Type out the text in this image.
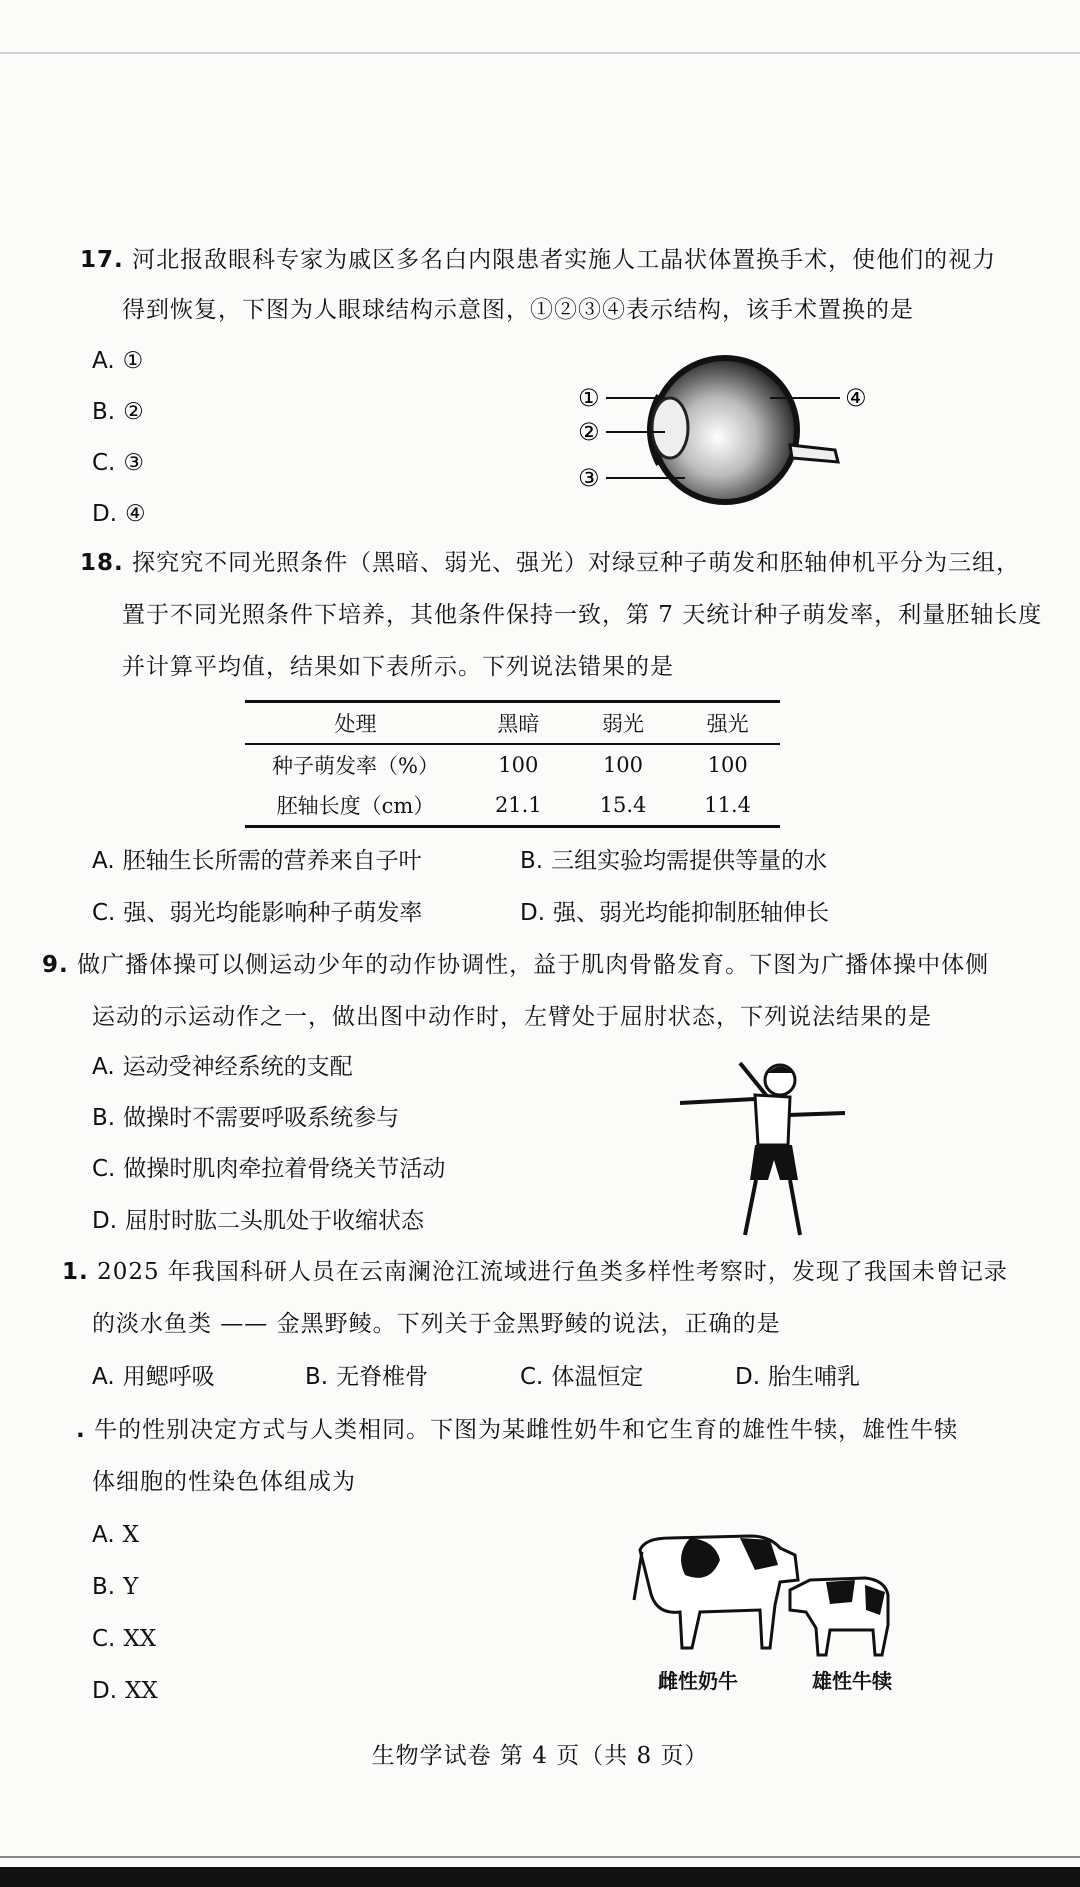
17. 河北报敌眼科专家为戚区多名白内限患者实施人工晶状体置换手术，使他们的视力
得到恢复，下图为人眼球结构示意图，①②③④表示结构，该手术置换的是
A. ①
B. ②
C. ③
D. ④
①
②
③
④
18. 探究究不同光照条件（黑暗、弱光、强光）对绿豆种子萌发和胚轴伸机平分为三组，
置于不同光照条件下培养，其他条件保持一致，第 7 天统计种子萌发率，利量胚轴长度
并计算平均值，结果如下表所示。下列说法错果的是
处理	黑暗	弱光	强光
种子萌发率（%）	100	100	100
胚轴长度（cm）	21.1	15.4	11.4
A. 胚轴生长所需的营养来自子叶	B. 三组实验均需提供等量的水
C. 强、弱光均能影响种子萌发率	D. 强、弱光均能抑制胚轴伸长
9. 做广播体操可以侧运动少年的动作协调性，益于肌肉骨骼发育。下图为广播体操中体侧
运动的示运动作之一，做出图中动作时，左臂处于屈肘状态，下列说法结果的是
A. 运动受神经系统的支配
B. 做操时不需要呼吸系统参与
C. 做操时肌肉牵拉着骨绕关节活动
D. 屈肘时肱二头肌处于收缩状态
1. 2025 年我国科研人员在云南澜沧江流域进行鱼类多样性考察时，发现了我国未曾记录
的淡水鱼类 —— 金黑野鲮。下列关于金黑野鲮的说法，正确的是
A. 用鳃呼吸	B. 无脊椎骨	C. 体温恒定	D. 胎生哺乳
. 牛的性别决定方式与人类相同。下图为某雌性奶牛和它生育的雄性牛犊，雄性牛犊
体细胞的性染色体组成为
A. X
B. Y
C. XX
D. XX	雌性奶牛	雄性牛犊
生物学试卷 第 4 页（共 8 页）
